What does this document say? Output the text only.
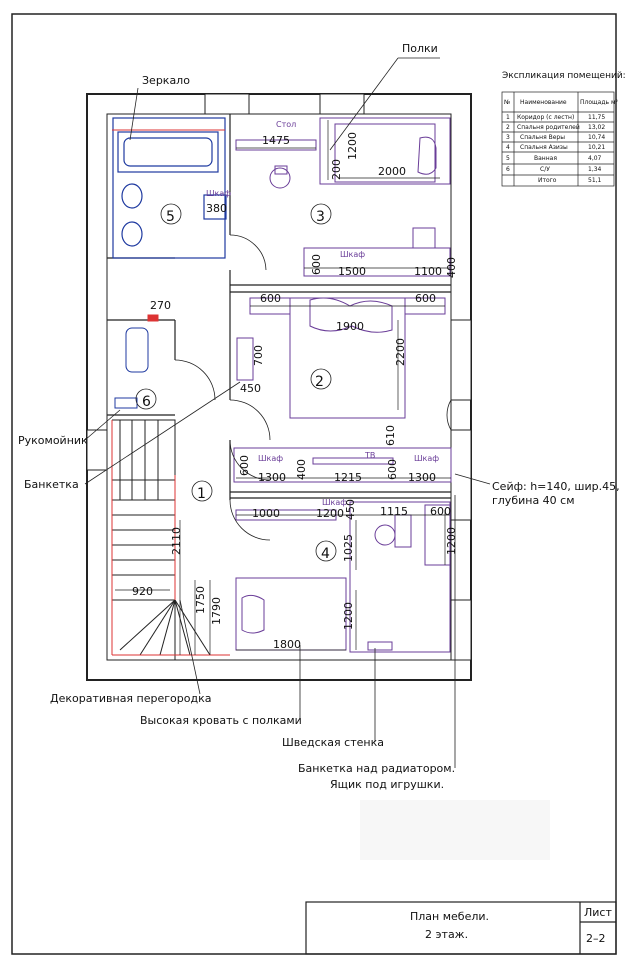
Полки
Зеркало
Рукомойник
Банкетка	Сейф: h=140, шир.45,
глубина 40 см
Декоративная перегородка
Высокая кровать с полками
Шведская стенка
Банкетка над радиатором.
Ящик под игрушки.
Экспликация помещений:
№ Наименование Площадь м²
1 Коридор (с лестн) 11,75
2 Спальня родителей 13,02
3 Спальня Веры	10,74
4 Спальня Азизы	10,21
5	Ванная	4,07
6	С/У	1,34
Итого	51,1
5	3
2
6
1
4
Стол
Шкаф
Шкаф
Шкаф	ТВ	Шкаф
Шкаф
1475	1200
200	2000
380
1500	1100
600	400
600	600
1900
2200
270
700
450
610
600
1300 400 1215 600 1300
1000	1200 450 1115 600
1200
1025
2110
920	1750 1790	1200
1800
План мебели.
2 этаж.
Лист
2–2
